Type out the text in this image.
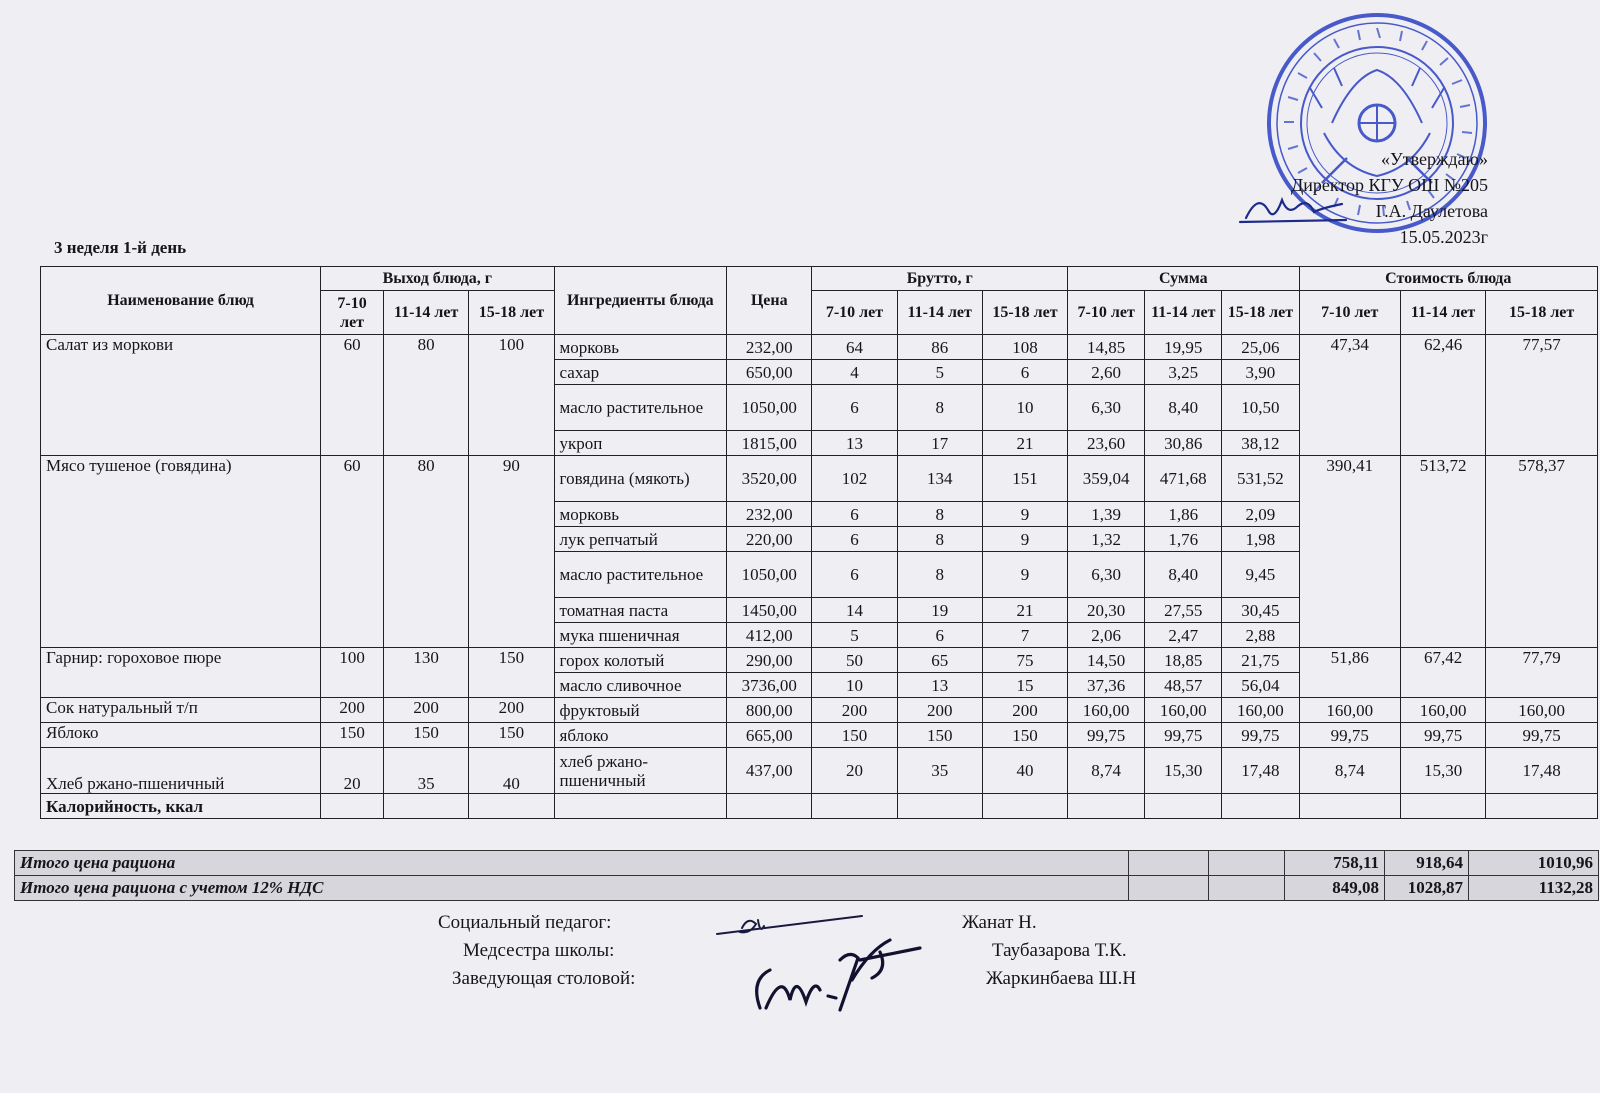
«Утверждаю»
Директор КГУ ОШ №205
Г.А. Даулетова
15.05.2023г
3 неделя 1-й день
Наименование блюд	Выход блюда, г			Ингредиенты блюда	Цена	Брутто, г			Сумма			Стоимость блюда		
	7-10 лет	11-14 лет	15-18 лет			7-10 лет	11-14 лет	15-18 лет	7-10 лет	11-14 лет	15-18 лет	7-10 лет	11-14 лет	15-18 лет
Салат из моркови	60	80	100	морковь	232,00	64	86	108	14,85	19,95	25,06	47,34	62,46	77,57
				сахар	650,00	4	5	6	2,60	3,25	3,90			
				масло растительное	1050,00	6	8	10	6,30	8,40	10,50			
				укроп	1815,00	13	17	21	23,60	30,86	38,12			
Мясо тушеное (говядина)	60	80	90	говядина (мякоть)	3520,00	102	134	151	359,04	471,68	531,52	390,41	513,72	578,37
				морковь	232,00	6	8	9	1,39	1,86	2,09			
				лук репчатый	220,00	6	8	9	1,32	1,76	1,98			
				масло растительное	1050,00	6	8	9	6,30	8,40	9,45			
				томатная паста	1450,00	14	19	21	20,30	27,55	30,45			
				мука пшеничная	412,00	5	6	7	2,06	2,47	2,88			
Гарнир: гороховое пюре	100	130	150	горох колотый	290,00	50	65	75	14,50	18,85	21,75	51,86	67,42	77,79
				масло сливочное	3736,00	10	13	15	37,36	48,57	56,04			
Сок натуральный т/п	200	200	200	фруктовый	800,00	200	200	200	160,00	160,00	160,00	160,00	160,00	160,00
Яблоко	150	150	150	яблоко	665,00	150	150	150	99,75	99,75	99,75	99,75	99,75	99,75
Хлеб ржано-пшеничный	20	35	40	хлеб ржано-пшеничный	437,00	20	35	40	8,74	15,30	17,48	8,74	15,30	17,48
Калорийность, ккал														
Итого цена рациона			758,11	918,64	1010,96
Итого цена рациона с учетом 12% НДС			849,08	1028,87	1132,28
Социальный педагог:	Жанат Н.
Медсестра школы:	Таубазарова Т.К.
Заведующая столовой:	Жаркинбаева Ш.Н
